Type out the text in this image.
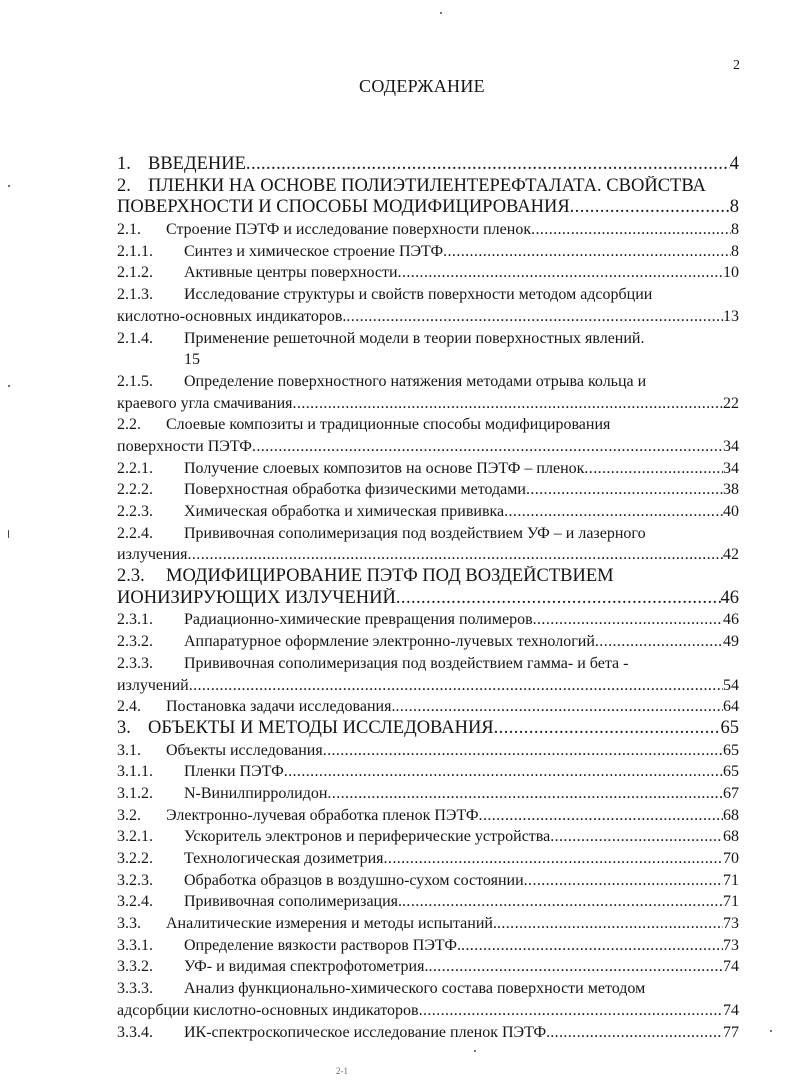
2
СОДЕРЖАНИЕ
1. ВВЕДЕНИЕ .....	4
2. ПЛЕНКИ НА ОСНОВЕ ПОЛИЭТИЛЕНТЕРЕФТАЛАТА. СВОЙСТВА
ПОВЕРХНОСТИ И СПОСОБЫ МОДИФИЦИРОВАНИЯ .....	8
2.1.	Строение ПЭТФ и исследование поверхности пленок .....	8
2.1.1.	Синтез и химическое строение ПЭТФ .....	8
2.1.2.	Активные центры поверхности .....	10
2.1.3.	Исследование структуры и свойств поверхности методом адсорбции
кислотно-основных индикаторов. .....	13
2.1.4.	Применение решеточной модели в теории поверхностных явлений.
15
2.1.5.	Определение поверхностного натяжения методами отрыва кольца и
краевого угла смачивания .....	22
2.2.	Слоевые композиты и традиционные способы модифицирования
поверхности ПЭТФ .....	34
2.2.1.	Получение слоевых композитов на основе ПЭТФ – пленок .....	34
2.2.2.	Поверхностная обработка физическими методами .....	38
2.2.3.	Химическая обработка и химическая прививка .....	40
2.2.4.	Прививочная сополимеризация под воздействием УФ – и лазерного
излучения .....	42
2.3.	МОДИФИЦИРОВАНИЕ ПЭТФ ПОД ВОЗДЕЙСТВИЕМ
ИОНИЗИРУЮЩИХ ИЗЛУЧЕНИЙ .....	46
2.3.1.	Радиационно-химические превращения полимеров .....	46
2.3.2.	Аппаратурное оформление электронно-лучевых технологий .....	49
2.3.3.	Прививочная сополимеризация под воздействием гамма- и бета -
излучений .....	54
2.4.	Постановка задачи исследования. .....	64
3. ОБЪЕКТЫ И МЕТОДЫ ИССЛЕДОВАНИЯ .....	65
3.1.	Объекты исследования .....	65
3.1.1.	Пленки ПЭТФ .....	65
3.1.2.	N-Винилпирролидон .....	67
3.2.	Электронно-лучевая обработка пленок ПЭТФ .....	68
3.2.1.	Ускоритель электронов и периферические устройства .....	68
3.2.2.	Технологическая дозиметрия .....	70
3.2.3.	Обработка образцов в воздушно-сухом состоянии .....	71
3.2.4.	Прививочная сополимеризация. .....	71
3.3.	Аналитические измерения и методы испытаний. .....	73
3.3.1.	Определение вязкости растворов ПЭТФ. .....	73
3.3.2.	УФ- и видимая спектрофотометрия. .....	74
3.3.3.	Анализ функционально-химического состава поверхности методом
адсорбции кислотно-основных индикаторов .....	74
3.3.4.	ИК-спектроскопическое исследование пленок ПЭТФ. .....	77
2-1
